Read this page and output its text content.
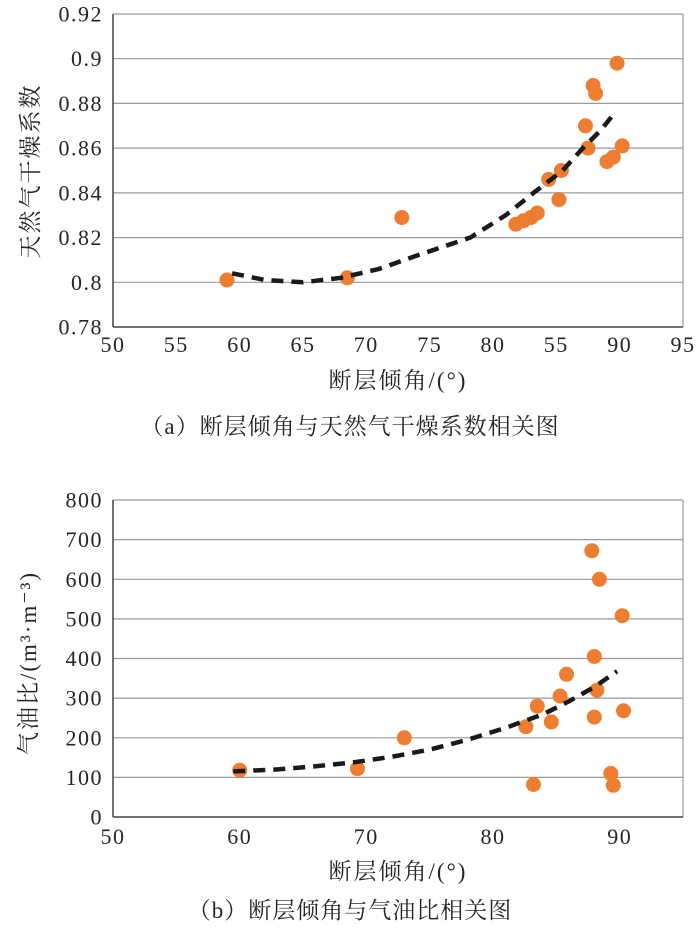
天然气干燥系数
0.92
0.9
0.88
0.86
0.84
0.82
0.8
0.78
50 55 60 65 70 75 80 55 90 95
断层倾角/(°)
（a）断层倾角与天然气干燥系数相关图
气油比/(m³·m⁻³)
800
700
600
500
400
300
200
100
0
50	60	70	80	90
断层倾角/(°)
（b）断层倾角与气油比相关图
